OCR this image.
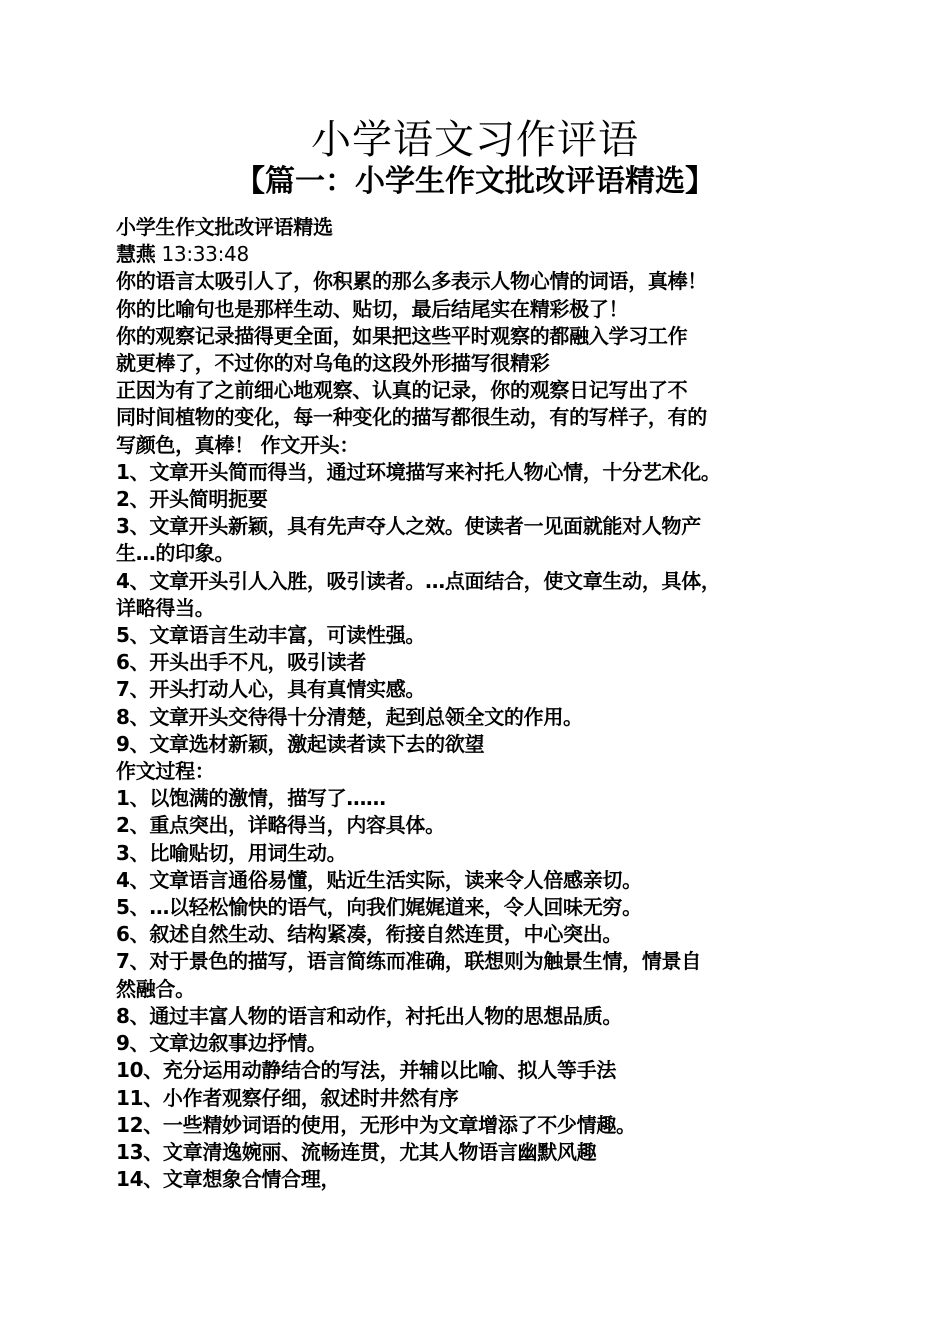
小学语文习作评语
【篇一：小学生作文批改评语精选】

小学生作文批改评语精选

慧燕 13:33:48

你的语言太吸引人了，你积累的那么多表示人物心情的词语，真棒！

你的比喻句也是那样生动、贴切，最后结尾实在精彩极了！

你的观察记录描得更全面，如果把这些平时观察的都融入学习工作

就更棒了，不过你的对乌龟的这段外形描写很精彩

正因为有了之前细心地观察、认真的记录，你的观察日记写出了不

同时间植物的变化，每一种变化的描写都很生动，有的写样子，有的

写颜色，真棒！ 作文开头：

1、文章开头简而得当，通过环境描写来衬托人物心情，十分艺术化。

2、开头简明扼要

3、文章开头新颖，具有先声夺人之效。使读者一见面就能对人物产

生…的印象。

4、文章开头引人入胜，吸引读者。…点面结合，使文章生动，具体，

详略得当。

5、文章语言生动丰富，可读性强。

6、开头出手不凡，吸引读者

7、开头打动人心，具有真情实感。

8、文章开头交待得十分清楚，起到总领全文的作用。

9、文章选材新颖，激起读者读下去的欲望

作文过程：

1、以饱满的激情，描写了……

2、重点突出，详略得当，内容具体。

3、比喻贴切，用词生动。

4、文章语言通俗易懂，贴近生活实际，读来令人倍感亲切。

5、…以轻松愉快的语气，向我们娓娓道来，令人回味无穷。

6、叙述自然生动、结构紧凑，衔接自然连贯，中心突出。

7、对于景色的描写，语言简练而准确，联想则为触景生情，情景自

然融合。

8、通过丰富人物的语言和动作，衬托出人物的思想品质。

9、文章边叙事边抒情。

10、充分运用动静结合的写法，并辅以比喻、拟人等手法

11、小作者观察仔细，叙述时井然有序

12、一些精妙词语的使用，无形中为文章增添了不少情趣。

13、文章清逸婉丽、流畅连贯，尤其人物语言幽默风趣

14、文章想象合情合理，
